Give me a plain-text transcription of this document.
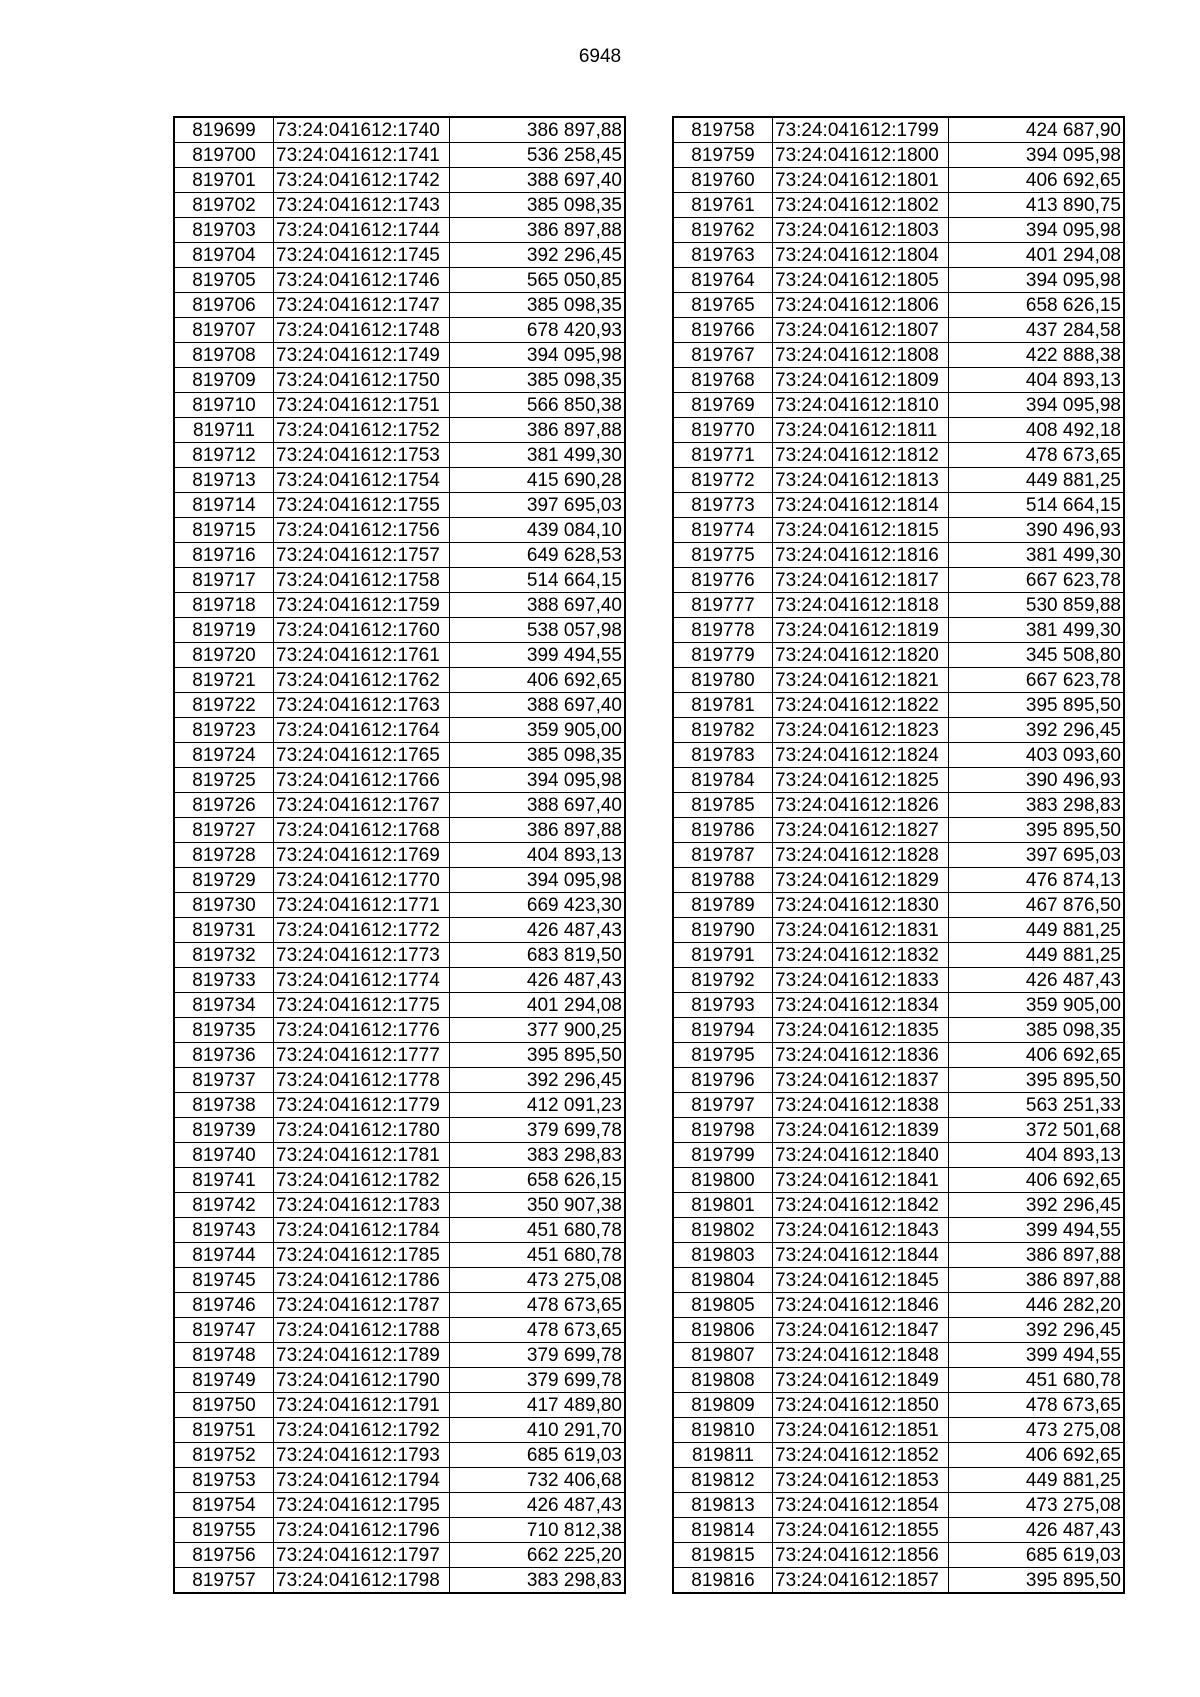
6948
819699	73:24:041612:1740	386 897,88
819700	73:24:041612:1741	536 258,45
819701	73:24:041612:1742	388 697,40
819702	73:24:041612:1743	385 098,35
819703	73:24:041612:1744	386 897,88
819704	73:24:041612:1745	392 296,45
819705	73:24:041612:1746	565 050,85
819706	73:24:041612:1747	385 098,35
819707	73:24:041612:1748	678 420,93
819708	73:24:041612:1749	394 095,98
819709	73:24:041612:1750	385 098,35
819710	73:24:041612:1751	566 850,38
819711	73:24:041612:1752	386 897,88
819712	73:24:041612:1753	381 499,30
819713	73:24:041612:1754	415 690,28
819714	73:24:041612:1755	397 695,03
819715	73:24:041612:1756	439 084,10
819716	73:24:041612:1757	649 628,53
819717	73:24:041612:1758	514 664,15
819718	73:24:041612:1759	388 697,40
819719	73:24:041612:1760	538 057,98
819720	73:24:041612:1761	399 494,55
819721	73:24:041612:1762	406 692,65
819722	73:24:041612:1763	388 697,40
819723	73:24:041612:1764	359 905,00
819724	73:24:041612:1765	385 098,35
819725	73:24:041612:1766	394 095,98
819726	73:24:041612:1767	388 697,40
819727	73:24:041612:1768	386 897,88
819728	73:24:041612:1769	404 893,13
819729	73:24:041612:1770	394 095,98
819730	73:24:041612:1771	669 423,30
819731	73:24:041612:1772	426 487,43
819732	73:24:041612:1773	683 819,50
819733	73:24:041612:1774	426 487,43
819734	73:24:041612:1775	401 294,08
819735	73:24:041612:1776	377 900,25
819736	73:24:041612:1777	395 895,50
819737	73:24:041612:1778	392 296,45
819738	73:24:041612:1779	412 091,23
819739	73:24:041612:1780	379 699,78
819740	73:24:041612:1781	383 298,83
819741	73:24:041612:1782	658 626,15
819742	73:24:041612:1783	350 907,38
819743	73:24:041612:1784	451 680,78
819744	73:24:041612:1785	451 680,78
819745	73:24:041612:1786	473 275,08
819746	73:24:041612:1787	478 673,65
819747	73:24:041612:1788	478 673,65
819748	73:24:041612:1789	379 699,78
819749	73:24:041612:1790	379 699,78
819750	73:24:041612:1791	417 489,80
819751	73:24:041612:1792	410 291,70
819752	73:24:041612:1793	685 619,03
819753	73:24:041612:1794	732 406,68
819754	73:24:041612:1795	426 487,43
819755	73:24:041612:1796	710 812,38
819756	73:24:041612:1797	662 225,20
819757	73:24:041612:1798	383 298,83
819758	73:24:041612:1799	424 687,90
819759	73:24:041612:1800	394 095,98
819760	73:24:041612:1801	406 692,65
819761	73:24:041612:1802	413 890,75
819762	73:24:041612:1803	394 095,98
819763	73:24:041612:1804	401 294,08
819764	73:24:041612:1805	394 095,98
819765	73:24:041612:1806	658 626,15
819766	73:24:041612:1807	437 284,58
819767	73:24:041612:1808	422 888,38
819768	73:24:041612:1809	404 893,13
819769	73:24:041612:1810	394 095,98
819770	73:24:041612:1811	408 492,18
819771	73:24:041612:1812	478 673,65
819772	73:24:041612:1813	449 881,25
819773	73:24:041612:1814	514 664,15
819774	73:24:041612:1815	390 496,93
819775	73:24:041612:1816	381 499,30
819776	73:24:041612:1817	667 623,78
819777	73:24:041612:1818	530 859,88
819778	73:24:041612:1819	381 499,30
819779	73:24:041612:1820	345 508,80
819780	73:24:041612:1821	667 623,78
819781	73:24:041612:1822	395 895,50
819782	73:24:041612:1823	392 296,45
819783	73:24:041612:1824	403 093,60
819784	73:24:041612:1825	390 496,93
819785	73:24:041612:1826	383 298,83
819786	73:24:041612:1827	395 895,50
819787	73:24:041612:1828	397 695,03
819788	73:24:041612:1829	476 874,13
819789	73:24:041612:1830	467 876,50
819790	73:24:041612:1831	449 881,25
819791	73:24:041612:1832	449 881,25
819792	73:24:041612:1833	426 487,43
819793	73:24:041612:1834	359 905,00
819794	73:24:041612:1835	385 098,35
819795	73:24:041612:1836	406 692,65
819796	73:24:041612:1837	395 895,50
819797	73:24:041612:1838	563 251,33
819798	73:24:041612:1839	372 501,68
819799	73:24:041612:1840	404 893,13
819800	73:24:041612:1841	406 692,65
819801	73:24:041612:1842	392 296,45
819802	73:24:041612:1843	399 494,55
819803	73:24:041612:1844	386 897,88
819804	73:24:041612:1845	386 897,88
819805	73:24:041612:1846	446 282,20
819806	73:24:041612:1847	392 296,45
819807	73:24:041612:1848	399 494,55
819808	73:24:041612:1849	451 680,78
819809	73:24:041612:1850	478 673,65
819810	73:24:041612:1851	473 275,08
819811	73:24:041612:1852	406 692,65
819812	73:24:041612:1853	449 881,25
819813	73:24:041612:1854	473 275,08
819814	73:24:041612:1855	426 487,43
819815	73:24:041612:1856	685 619,03
819816	73:24:041612:1857	395 895,50
